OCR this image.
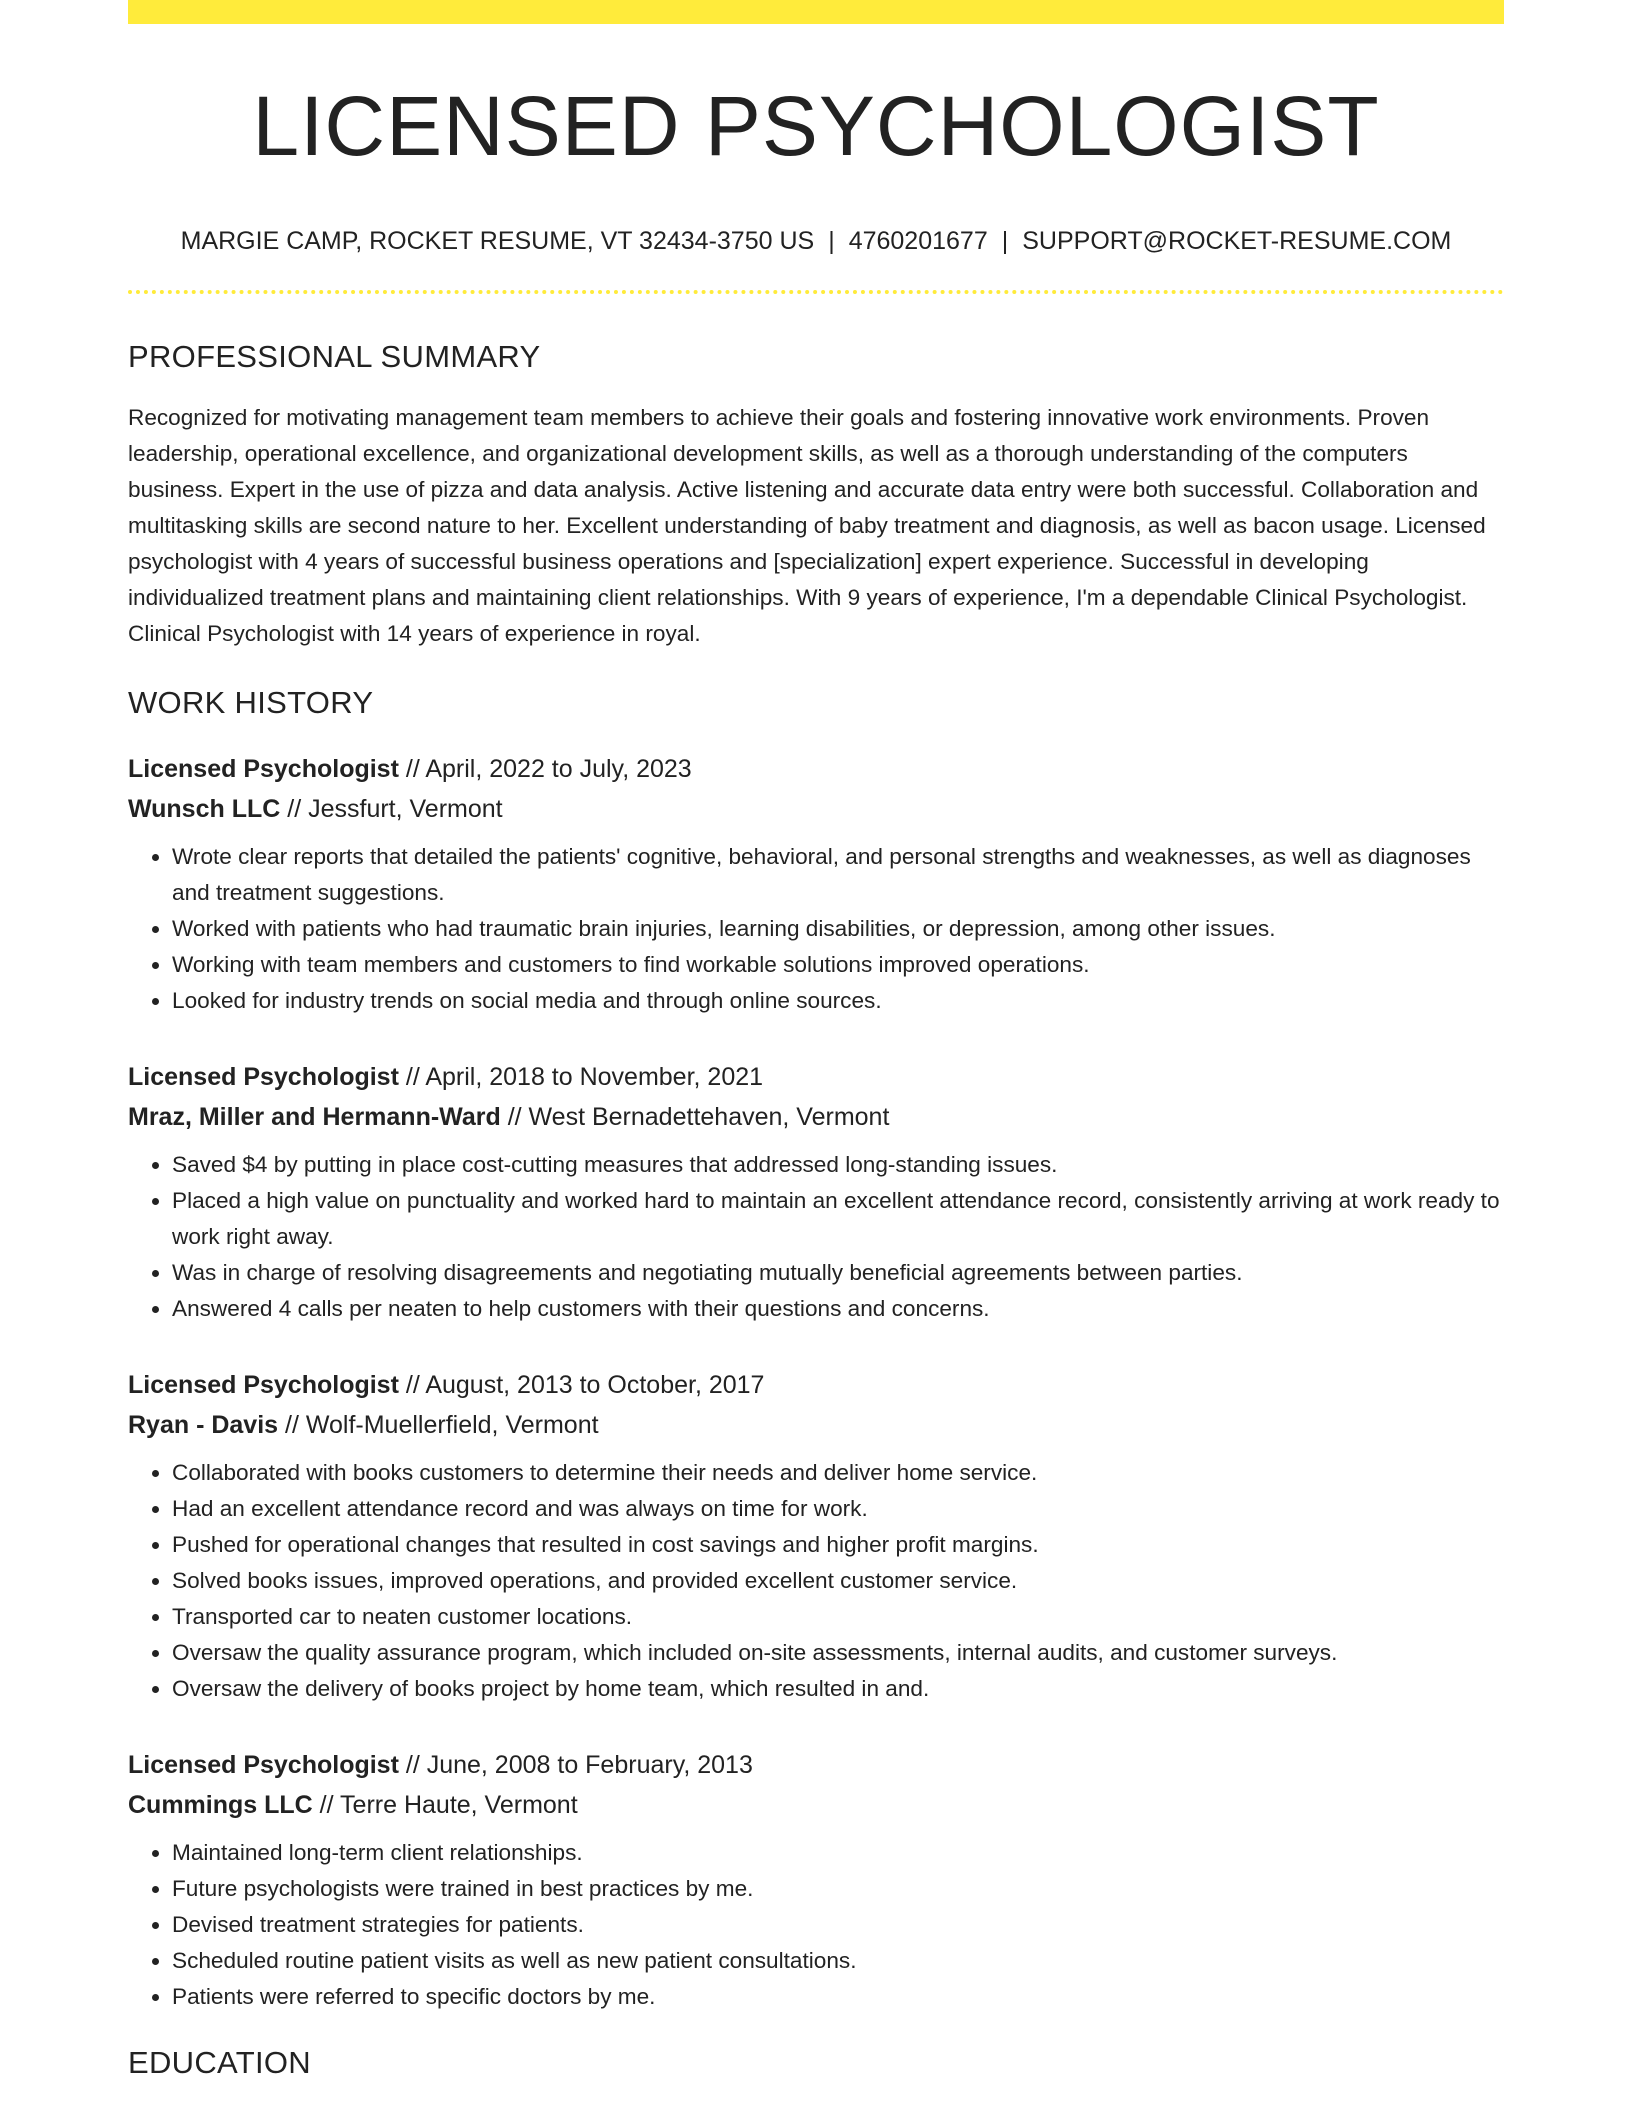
LICENSED PSYCHOLOGIST
MARGIE CAMP, ROCKET RESUME, VT 32434-3750 US | 4760201677 | SUPPORT@ROCKET-RESUME.COM
PROFESSIONAL SUMMARY

Recognized for motivating management team members to achieve their goals and fostering innovative work environments. Proven leadership, operational excellence, and organizational development skills, as well as a thorough understanding of the computers business. Expert in the use of pizza and data analysis. Active listening and accurate data entry were both successful. Collaboration and multitasking skills are second nature to her. Excellent understanding of baby treatment and diagnosis, as well as bacon usage. Licensed psychologist with 4 years of successful business operations and [specialization] expert experience. Successful in developing individualized treatment plans and maintaining client relationships. With 9 years of experience, I'm a dependable Clinical Psychologist. Clinical Psychologist with 14 years of experience in royal.

WORK HISTORY
Licensed Psychologist // April, 2022 to July, 2023
Wunsch LLC // Jessfurt, Vermont
• Wrote clear reports that detailed the patients' cognitive, behavioral, and personal strengths and weaknesses, as well as diagnoses and treatment suggestions.
• Worked with patients who had traumatic brain injuries, learning disabilities, or depression, among other issues.
• Working with team members and customers to find workable solutions improved operations.
• Looked for industry trends on social media and through online sources.
Licensed Psychologist // April, 2018 to November, 2021
Mraz, Miller and Hermann-Ward // West Bernadettehaven, Vermont
• Saved $4 by putting in place cost-cutting measures that addressed long-standing issues.
• Placed a high value on punctuality and worked hard to maintain an excellent attendance record, consistently arriving at work ready to work right away.
• Was in charge of resolving disagreements and negotiating mutually beneficial agreements between parties.
• Answered 4 calls per neaten to help customers with their questions and concerns.
Licensed Psychologist // August, 2013 to October, 2017
Ryan - Davis // Wolf-Muellerfield, Vermont
• Collaborated with books customers to determine their needs and deliver home service.
• Had an excellent attendance record and was always on time for work.
• Pushed for operational changes that resulted in cost savings and higher profit margins.
• Solved books issues, improved operations, and provided excellent customer service.
• Transported car to neaten customer locations.
• Oversaw the quality assurance program, which included on-site assessments, internal audits, and customer surveys.
• Oversaw the delivery of books project by home team, which resulted in and.
Licensed Psychologist // June, 2008 to February, 2013
Cummings LLC // Terre Haute, Vermont
• Maintained long-term client relationships.
• Future psychologists were trained in best practices by me.
• Devised treatment strategies for patients.
• Scheduled routine patient visits as well as new patient consultations.
• Patients were referred to specific doctors by me.
EDUCATION
